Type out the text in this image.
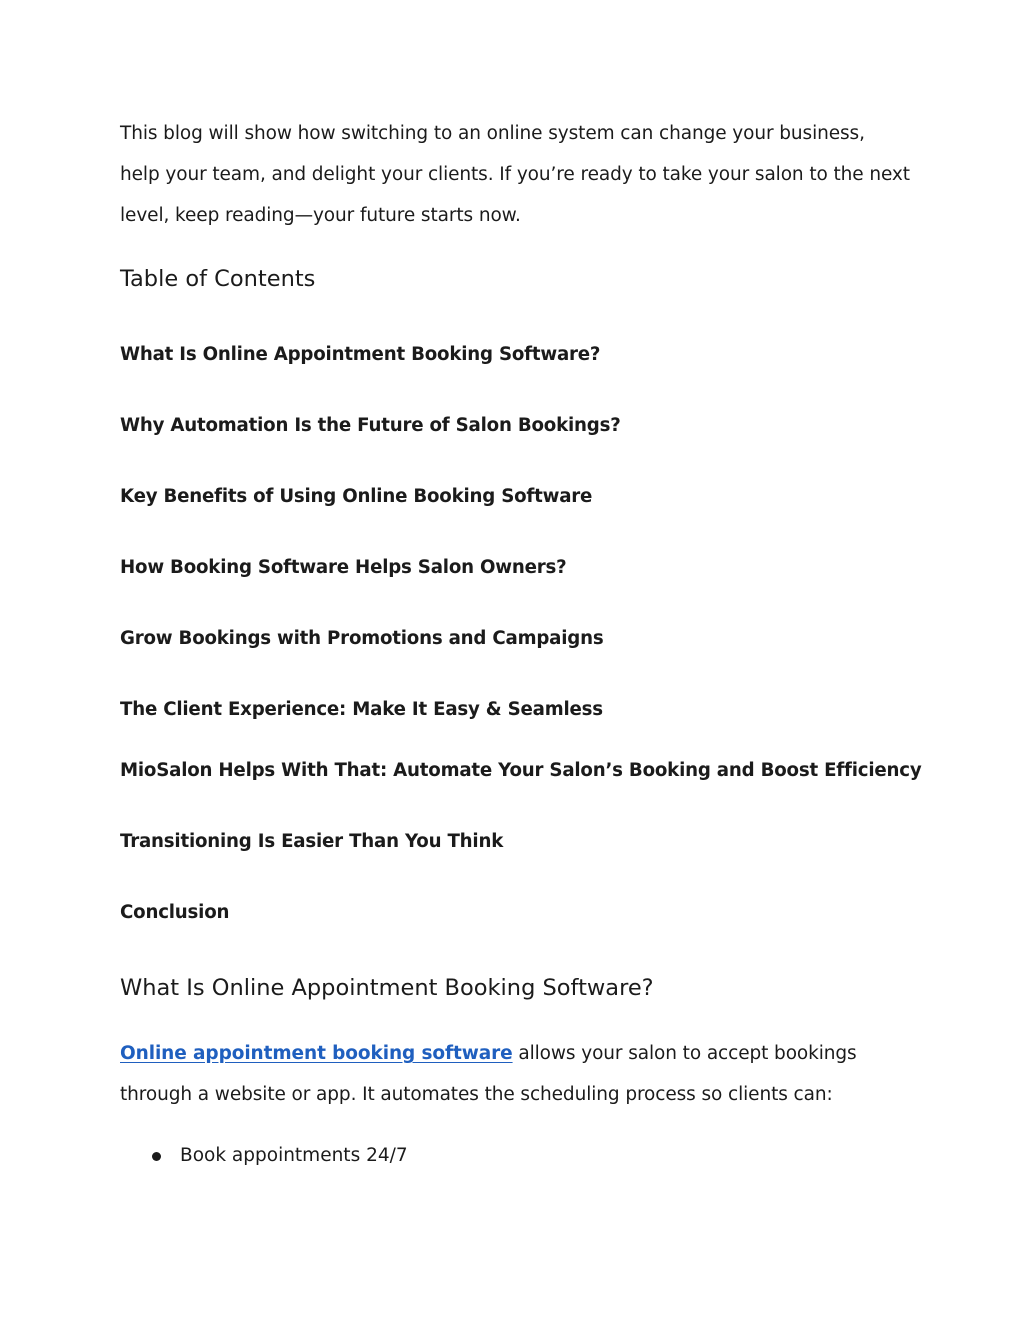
This blog will show how switching to an online system can change your business, help your team, and delight your clients. If you’re ready to take your salon to the next level, keep reading—your future starts now.

Table of Contents
What Is Online Appointment Booking Software?
Why Automation Is the Future of Salon Bookings?
Key Benefits of Using Online Booking Software
How Booking Software Helps Salon Owners?
Grow Bookings with Promotions and Campaigns
The Client Experience: Make It Easy & Seamless
MioSalon Helps With That: Automate Your Salon’s Booking and Boost Efficiency
Transitioning Is Easier Than You Think
Conclusion
What Is Online Appointment Booking Software?

Online appointment booking software allows your salon to accept bookings through a website or app. It automates the scheduling process so clients can:

Book appointments 24/7
